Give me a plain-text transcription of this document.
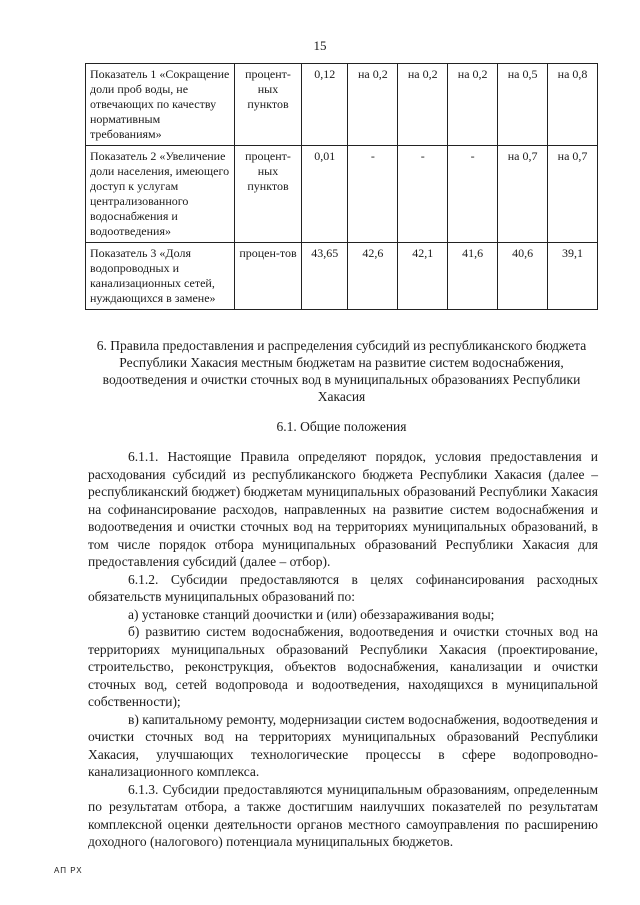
15
Показатель 1 «Сокращение доли проб воды, не отвечающих по качеству нормативным требованиям»	процент-ных пунктов	0,12	на 0,2	на 0,2	на 0,2	на 0,5	на 0,8
Показатель 2 «Увеличение доли населения, имеющего доступ к услугам централизованного водоснабжения и водоотведения»	процент-ных пунктов	0,01	-	-	-	на 0,7	на 0,7
Показатель 3 «Доля водопроводных и канализационных сетей, нуждающихся в замене»	процен-тов	43,65	42,6	42,1	41,6	40,6	39,1
6. Правила предоставления и распределения субсидий из республиканского бюджета Республики Хакасия местным бюджетам на развитие систем водоснабжения, водоотведения и очистки сточных вод в муниципальных образованиях Республики Хакасия
6.1. Общие положения

6.1.1. Настоящие Правила определяют порядок, условия предоставления и расходования субсидий из республиканского бюджета Республики Хакасия (далее – республиканский бюджет) бюджетам муниципальных образований Республики Хакасия на софинансирование расходов, направленных на развитие систем водоснабжения и водоотведения и очистки сточных вод на территориях муниципальных образований, в том числе порядок отбора муниципальных образований Республики Хакасия для предоставления субсидий (далее – отбор).

6.1.2. Субсидии предоставляются в целях софинансирования расходных обязательств муниципальных образований по:

а) установке станций доочистки и (или) обеззараживания воды;

б) развитию систем водоснабжения, водоотведения и очистки сточных вод на территориях муниципальных образований Республики Хакасия (проектирование, строительство, реконструкция, объектов водоснабжения, канализации и очистки сточных вод, сетей водопровода и водоотведения, находящихся в муниципальной собственности);

в) капитальному ремонту, модернизации систем водоснабжения, водоотведения и очистки сточных вод на территориях муниципальных образований Республики Хакасия, улучшающих технологические процессы в сфере водопроводно-канализационного комплекса.

6.1.3. Субсидии предоставляются муниципальным образованиям, определенным по результатам отбора, а также достигшим наилучших показателей по результатам комплексной оценки деятельности органов местного самоуправления по расширению доходного (налогового) потенциала муниципальных бюджетов.

АП РХ
